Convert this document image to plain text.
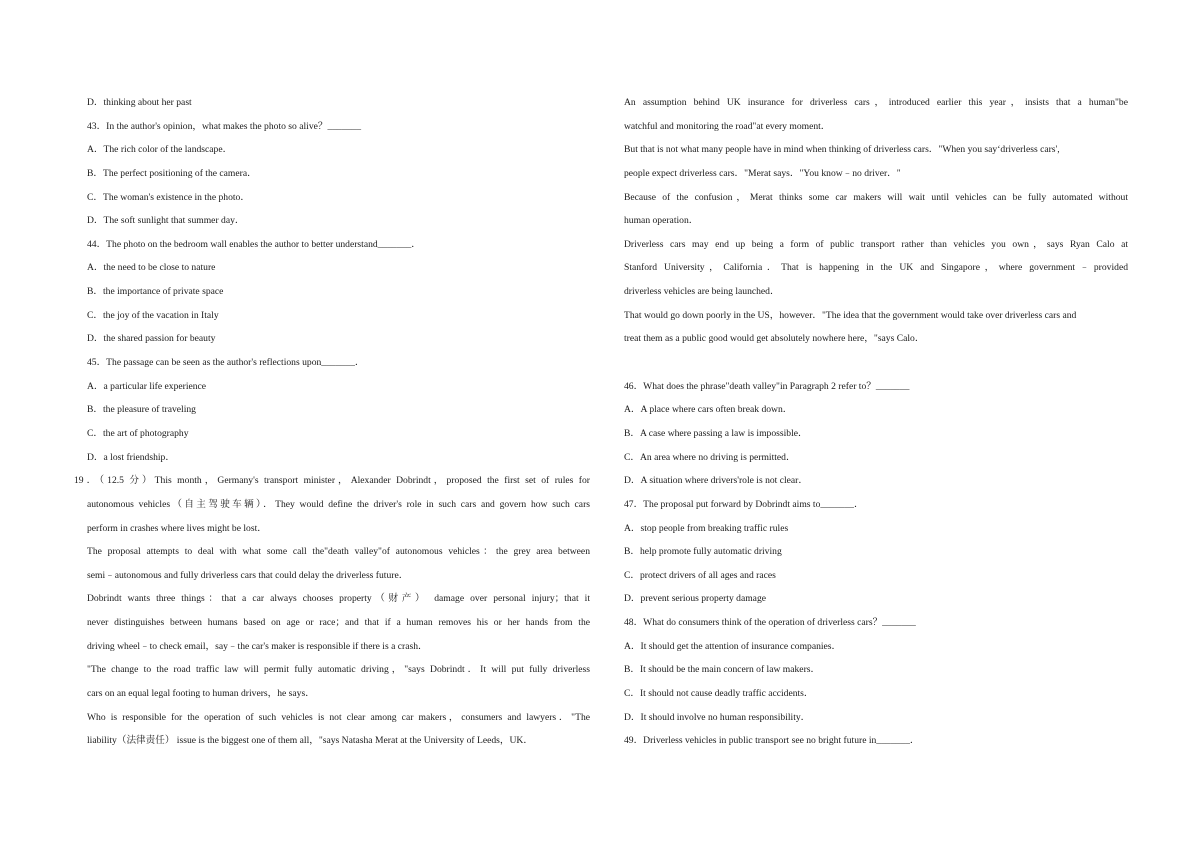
D．thinking about her past
43．In the author's opinion，what makes the photo so alive？_______
A．The rich color of the landscape．
B．The perfect positioning of the camera．
C．The woman's existence in the photo．
D．The soft sunlight that summer day．
44．The photo on the bedroom wall enables the author to better understand_______．
A．the need to be close to nature
B．the importance of private space
C．the joy of the vacation in Italy
D．the shared passion for beauty
45．The passage can be seen as the author's reflections upon_______．
A．a particular life experience
B．the pleasure of traveling
C．the art of photography
D．a lost friendship．
19．（12.5 分）This month，Germany's transport minister，Alexander Dobrindt，proposed the first set of rules for
autonomous vehicles（自主驾驶车辆）．They would define the driver's role in such cars and govern how such cars
perform in crashes where lives might be lost．
The proposal attempts to deal with what some call the"death valley"of autonomous vehicles：the grey area between
semi﹣autonomous and fully driverless cars that could delay the driverless future．
Dobrindt wants three things：that a car always chooses property（财产） damage over personal injury；that it
never distinguishes between humans based on age or race；and that if a human removes his or her hands from the
driving wheel﹣to check email，say﹣the car's maker is responsible if there is a crash．
"The change to the road traffic law will permit fully automatic driving，"says Dobrindt．It will put fully driverless
cars on an equal legal footing to human drivers，he says．
Who is responsible for the operation of such vehicles is not clear among car makers，consumers and lawyers．"The
liability（法律责任） issue is the biggest one of them all，"says Natasha Merat at the University of Leeds，UK．
An assumption behind UK insurance for driverless cars，introduced earlier this year，insists that a human"be
watchful and monitoring the road"at every moment．
But that is not what many people have in mind when thinking of driverless cars．"When you say‘driverless cars',
people expect driverless cars．"Merat says．"You know﹣no driver．"
Because of the confusion，Merat thinks some car makers will wait until vehicles can be fully automated without
human operation．
Driverless cars may end up being a form of public transport rather than vehicles you own，says Ryan Calo at
Stanford University，California．That is happening in the UK and Singapore，where government﹣provided
driverless vehicles are being launched．
That would go down poorly in the US，however．"The idea that the government would take over driverless cars and
treat them as a public good would get absolutely nowhere here，"says Calo．
46．What does the phrase"death valley"in Paragraph 2 refer to？_______
A．A place where cars often break down．
B．A case where passing a law is impossible．
C．An area where no driving is permitted．
D．A situation where drivers'role is not clear．
47．The proposal put forward by Dobrindt aims to_______．
A．stop people from breaking traffic rules
B．help promote fully automatic driving
C．protect drivers of all ages and races
D．prevent serious property damage
48．What do consumers think of the operation of driverless cars？_______
A．It should get the attention of insurance companies．
B．It should be the main concern of law makers．
C．It should not cause deadly traffic accidents．
D．It should involve no human responsibility．
49．Driverless vehicles in public transport see no bright future in_______．
